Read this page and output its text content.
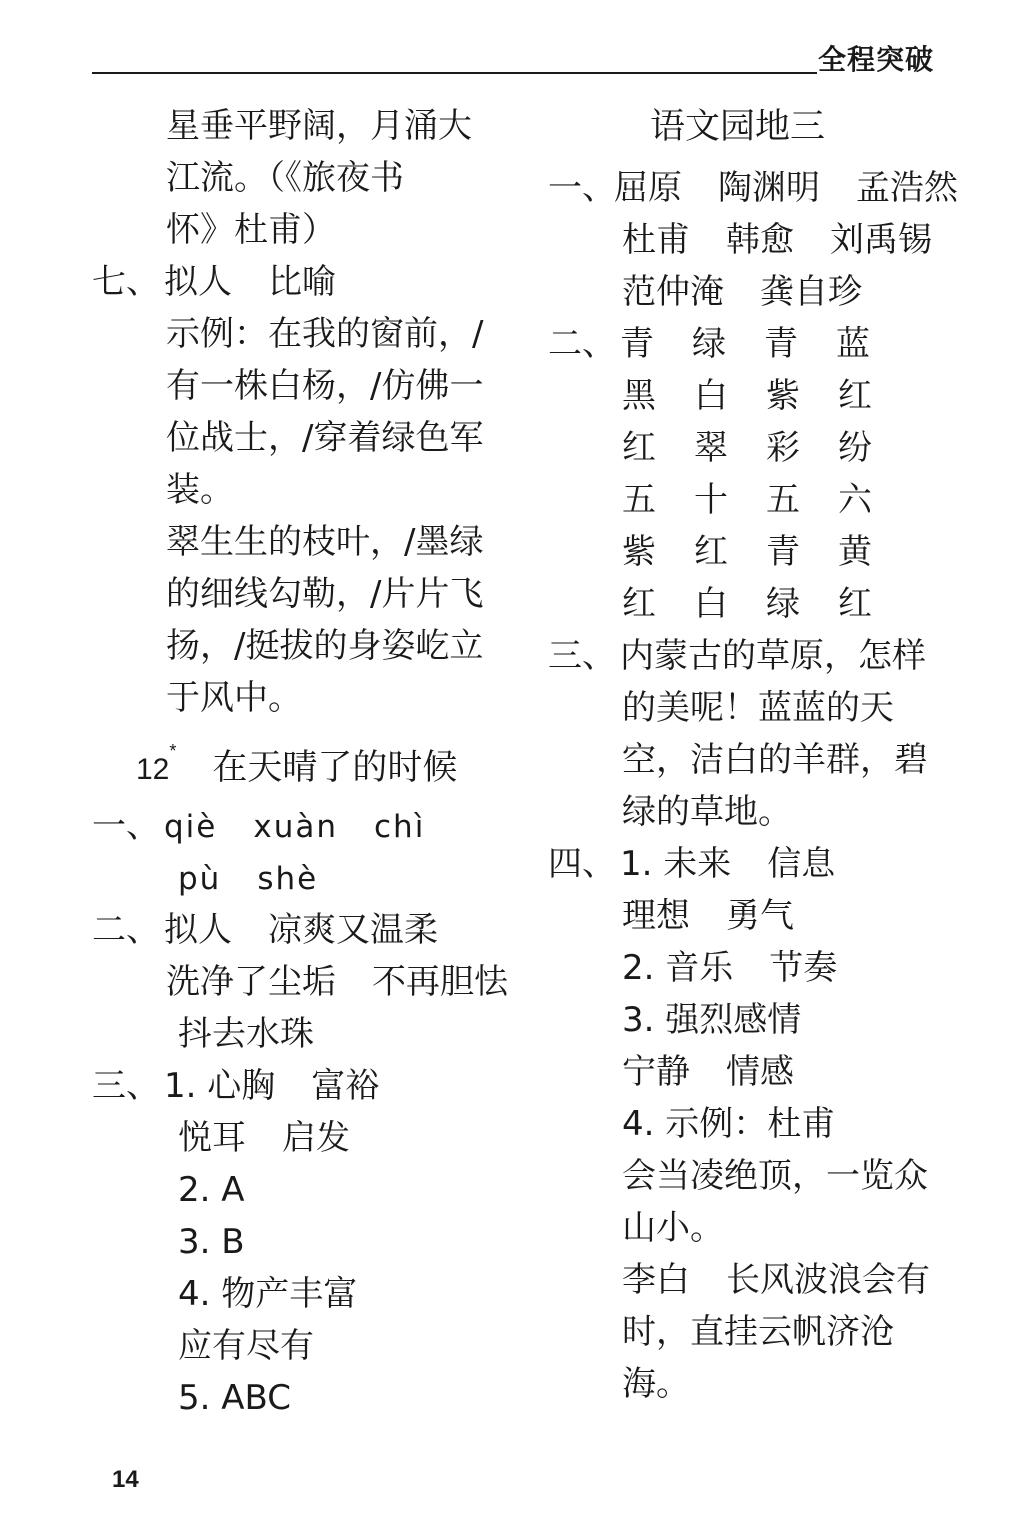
全程突破
星垂平野阔，月涌大
江流。（《旅夜书
怀》杜甫）
七、 拟人 比喻
示例：在我的窗前，/
有一株白杨，/仿佛一
位战士，/穿着绿色军
装。
翠生生的枝叶，/墨绿
的细线勾勒，/片片飞
扬，/挺拔的身姿屹立
于风中。
12* 在天晴了的时候
一、 qiè xuàn chì
pù shè
二、 拟人 凉爽又温柔
洗净了尘垢 不再胆怯
抖去水珠
三、 1. 心胸 富裕
悦耳 启发
2. A
3. B
4. 物产丰富
应有尽有
5. ABC
语文园地三
一、屈原 陶渊明 孟浩然
杜甫 韩愈 刘禹锡
范仲淹 龚自珍
二、 青 绿 青 蓝
黑 白 紫 红
红 翠 彩 纷
五 十 五 六
紫 红 青 黄
红 白 绿 红
三、 内蒙古的草原，怎样
的美呢！蓝蓝的天
空，洁白的羊群，碧
绿的草地。
四、 1. 未来 信息
理想 勇气
2. 音乐 节奏
3. 强烈感情
宁静 情感
4. 示例：杜甫
会当凌绝顶，一览众
山小。
李白 长风波浪会有
时，直挂云帆济沧
海。
14
